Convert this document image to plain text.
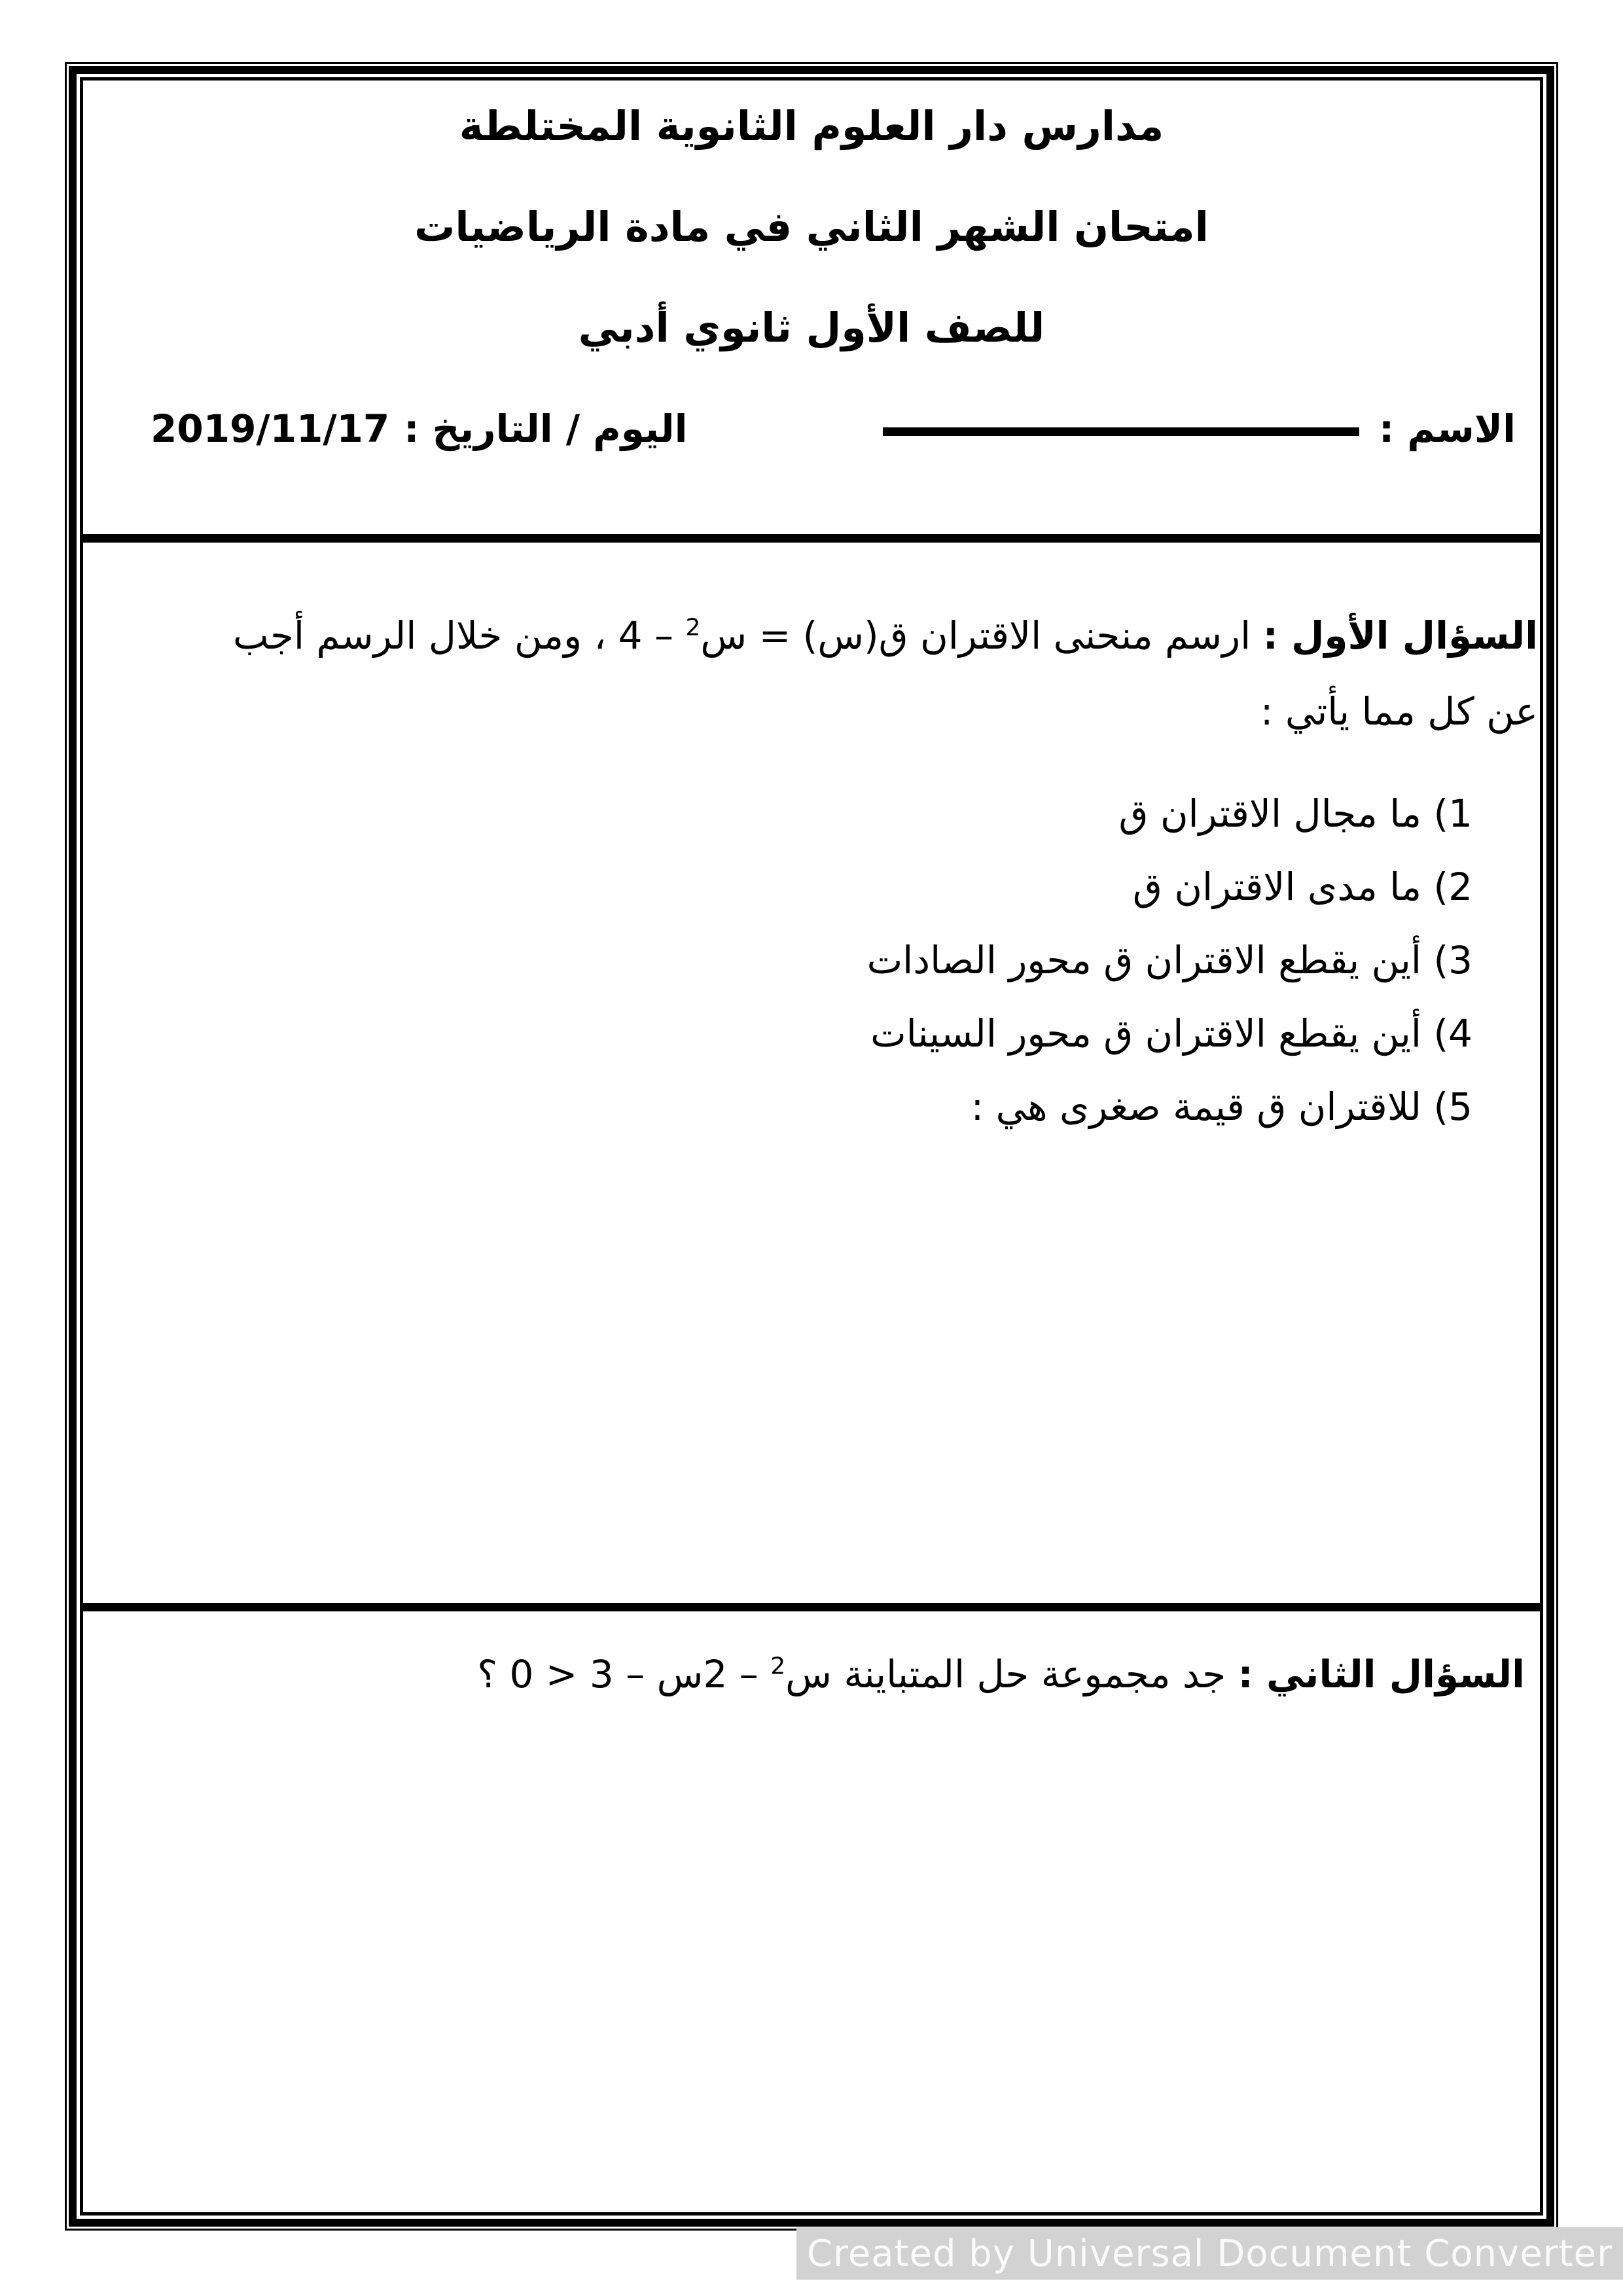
مدارس دار العلوم الثانوية المختلطة
امتحان الشهر الثاني في مادة الرياضيات
للصف الأول ثانوي أدبي
الاسم :
اليوم / التاريخ :
2019/11/17
السؤال الأول : ارسم منحنى الاقتران ق(س) = س$^2$ – 4 ، ومن خلال الرسم أجب
عن كل مما يأتي :
1) ما مجال الاقتران ق
2) ما مدى الاقتران ق
3) أين يقطع الاقتران ق محور الصادات
4) أين يقطع الاقتران ق محور السينات
5) للاقتران ق قيمة صغرى هي :
السؤال الثاني : جد مجموعة حل المتباينة س$^2$ – 2س – 3 < 0 ؟
Created by Universal Document Converter
